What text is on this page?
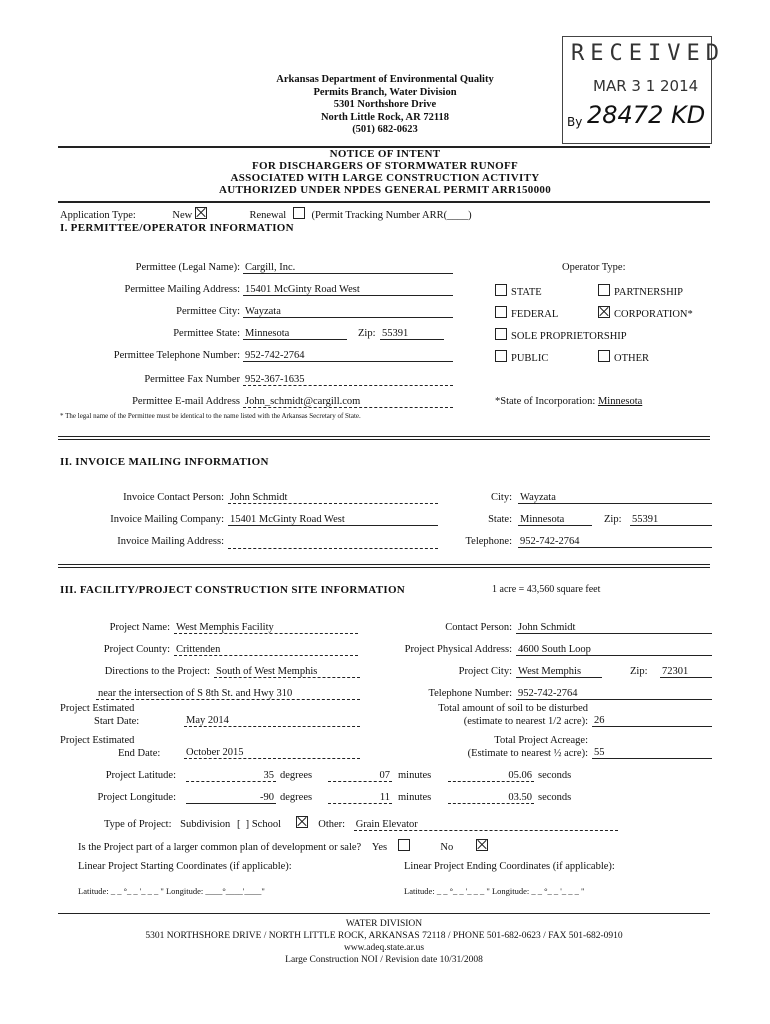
Arkansas Department of Environmental Quality
Permits Branch, Water Division
5301 Northshore Drive
North Little Rock, AR 72118
(501) 682-0623
RECEIVED
MAR 3 1 2014
By 28472 KD
NOTICE OF INTENT
FOR DISCHARGERS OF STORMWATER RUNOFF
ASSOCIATED WITH LARGE CONSTRUCTION ACTIVITY
AUTHORIZED UNDER NPDES GENERAL PERMIT ARR150000
Application Type:	New	Renewal (Permit Tracking Number ARR(____)
I. PERMITTEE/OPERATOR INFORMATION
Permittee (Legal Name): Cargill, Inc.
Permittee Mailing Address: 15401 McGinty Road West
Permittee City: Wayzata
Permittee State: Minnesota	Zip: 55391
Permittee Telephone Number: 952-742-2764
Permittee Fax Number 952-367-1635
Permittee E-mail Address John_schmidt@cargill.com
* The legal name of the Permittee must be identical to the name listed with the Arkansas Secretary of State.
Operator Type:
STATE	PARTNERSHIP
FEDERAL	CORPORATION*
SOLE PROPRIETORSHIP
PUBLIC	OTHER
*State of Incorporation: Minnesota
II. INVOICE MAILING INFORMATION
Invoice Contact Person: John Schmidt
Invoice Mailing Company: 15401 McGinty Road West
Invoice Mailing Address:
City: Wayzata
State: Minnesota	Zip: 55391
Telephone: 952-742-2764
III. FACILITY/PROJECT CONSTRUCTION SITE INFORMATION	1 acre = 43,560 square feet
Project Name: West Memphis Facility	Contact Person: John Schmidt
Project County: Crittenden	Project Physical Address: 4600 South Loop
Directions to the Project: South of West Memphis	Project City: West Memphis	Zip: 72301
near the intersection of S 8th St. and Hwy 310	Telephone Number: 952-742-2764
Project Estimated
Start Date:	May 2014
Total amount of soil to be disturbed
(estimate to nearest 1/2 acre): 26
Project Estimated
End Date: October 2015
Total Project Acreage:
(Estimate to nearest ½ acre): 55
Project Latitude:	35 degrees	07 minutes	05.06 seconds
Project Longitude:	-90 degrees	11 minutes	03.50 seconds
Type of Project: Subdivision [  ] School	Other: Grain Elevator
Is the Project part of a larger common plan of development or sale? Yes	No
Linear Project Starting Coordinates (if applicable):	Linear Project Ending Coordinates (if applicable):
Latitude: _ _ °_ _ '_ _ _ " Longitude: ____°____'____"	Latitude: _ _ °_ _ '_ _ _ " Longitude: _ _ °_ _ '_ _ _ "
WATER DIVISION
5301 NORTHSHORE DRIVE / NORTH LITTLE ROCK, ARKANSAS 72118 / PHONE 501-682-0623 / FAX 501-682-0910
www.adeq.state.ar.us
Large Construction NOI / Revision date 10/31/2008
